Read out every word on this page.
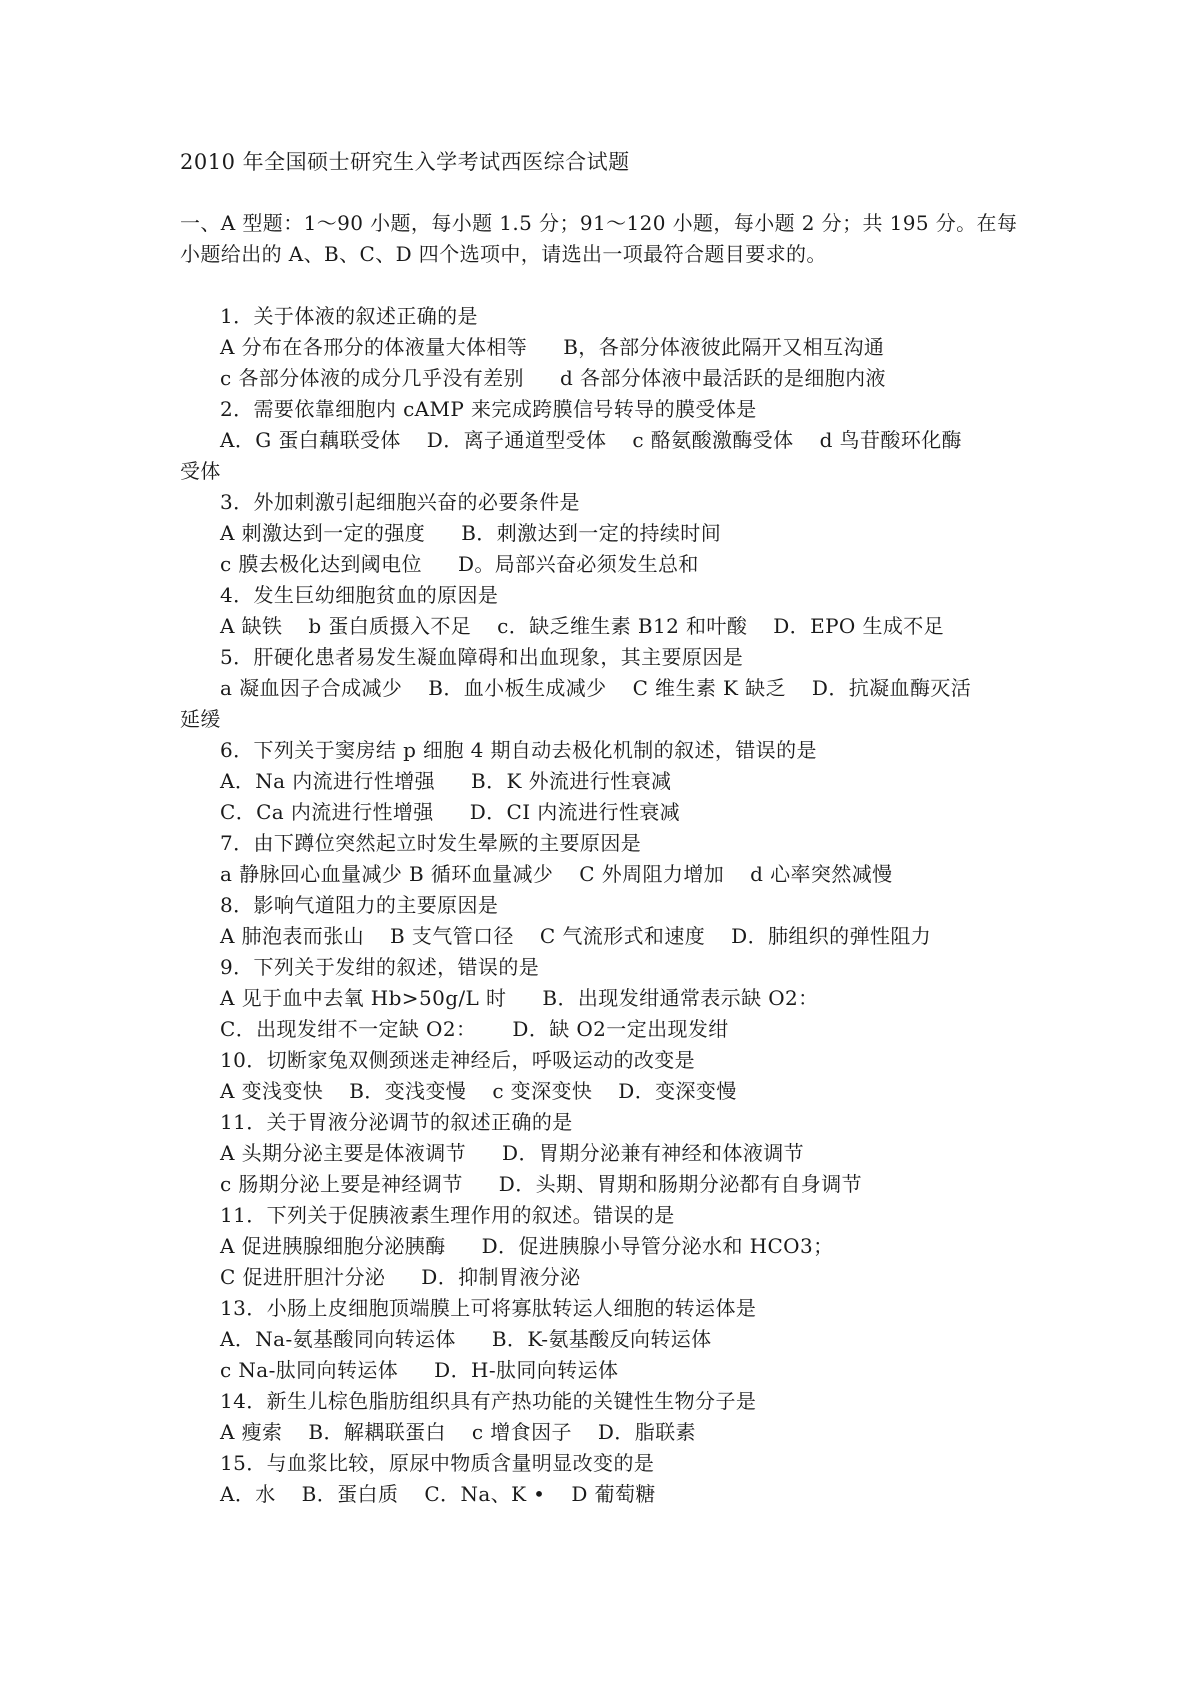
2010 年全国硕士研究生入学考试西医综合试题
一、A 型题：1～90 小题，每小题 1.5 分；91～120 小题，每小题 2 分；共 195 分。在每小题给出的 A、B、C、D 四个选项中，请选出一项最符合题目要求的。
1．关于体液的叙述正确的是
A 分布在各邢分的体液量大体相等 B，各部分体液彼此隔开又相互沟通
c 各部分体液的成分几乎没有差别 d 各部分体液中最活跃的是细胞内液
2．需要依靠细胞内 cAMP 来完成跨膜信号转导的膜受体是
A．G 蛋白藕联受体 D．离子通道型受体 c 酪氨酸激酶受体 d 鸟苷酸环化酶
受体
3．外加刺激引起细胞兴奋的必要条件是
A 刺激达到一定的强度 B．刺激达到一定的持续时间
c 膜去极化达到阈电位 D。局部兴奋必须发生总和
4．发生巨幼细胞贫血的原因是
A 缺铁 b 蛋白质摄入不足 c．缺乏维生素 B12 和叶酸 D．EPO 生成不足
5．肝硬化患者易发生凝血障碍和出血现象，其主要原因是
a 凝血因子合成减少 B．血小板生成减少 C 维生素 K 缺乏 D．抗凝血酶灭活
延缓
6．下列关于窦房结 p 细胞 4 期自动去极化机制的叙述，错误的是
A．Na 内流进行性增强 B．K 外流进行性衰减
C．Ca 内流进行性增强 D．CI 内流进行性衰减
7．由下蹲位突然起立时发生晕厥的主要原因是
a 静脉回心血量减少 B 循环血量减少 C 外周阻力增加 d 心率突然减慢
8．影响气道阻力的主要原因是
A 肺泡表而张山 B 支气管口径 C 气流形式和速度 D．肺组织的弹性阻力
9．下列关于发绀的叙述，错误的是
A 见于血中去氧 Hb>50g/L 时 B．出现发绀通常表示缺 O2：
C．出现发绀不一定缺 O2： D．缺 O2一定出现发绀
10．切断家兔双侧颈迷走神经后，呼吸运动的改变是
A 变浅变快 B．变浅变慢 c 变深变快 D．变深变慢
11．关于胃液分泌调节的叙述正确的是
A 头期分泌主要是体液调节 D．胃期分泌兼有神经和体液调节
c 肠期分泌上要是神经调节 D．头期、胃期和肠期分泌都有自身调节
11．下列关于促胰液素生理作用的叙述。错误的是
A 促进胰腺细胞分泌胰酶 D．促进胰腺小导管分泌水和 HCO3；
C 促进肝胆汁分泌 D．抑制胃液分泌
13．小肠上皮细胞顶端膜上可将寡肽转运人细胞的转运体是
A．Na-氨基酸同向转运体 B．K-氨基酸反向转运体
c Na-肽同向转运体 D．H-肽同向转运体
14．新生儿棕色脂肪组织具有产热功能的关键性生物分子是
A 瘦索 B．解耦联蛋白 c 增食因子 D．脂联素
15．与血浆比较，原尿中物质含量明显改变的是
A．水 B．蛋白质 C．Na、K • D 葡萄糖
